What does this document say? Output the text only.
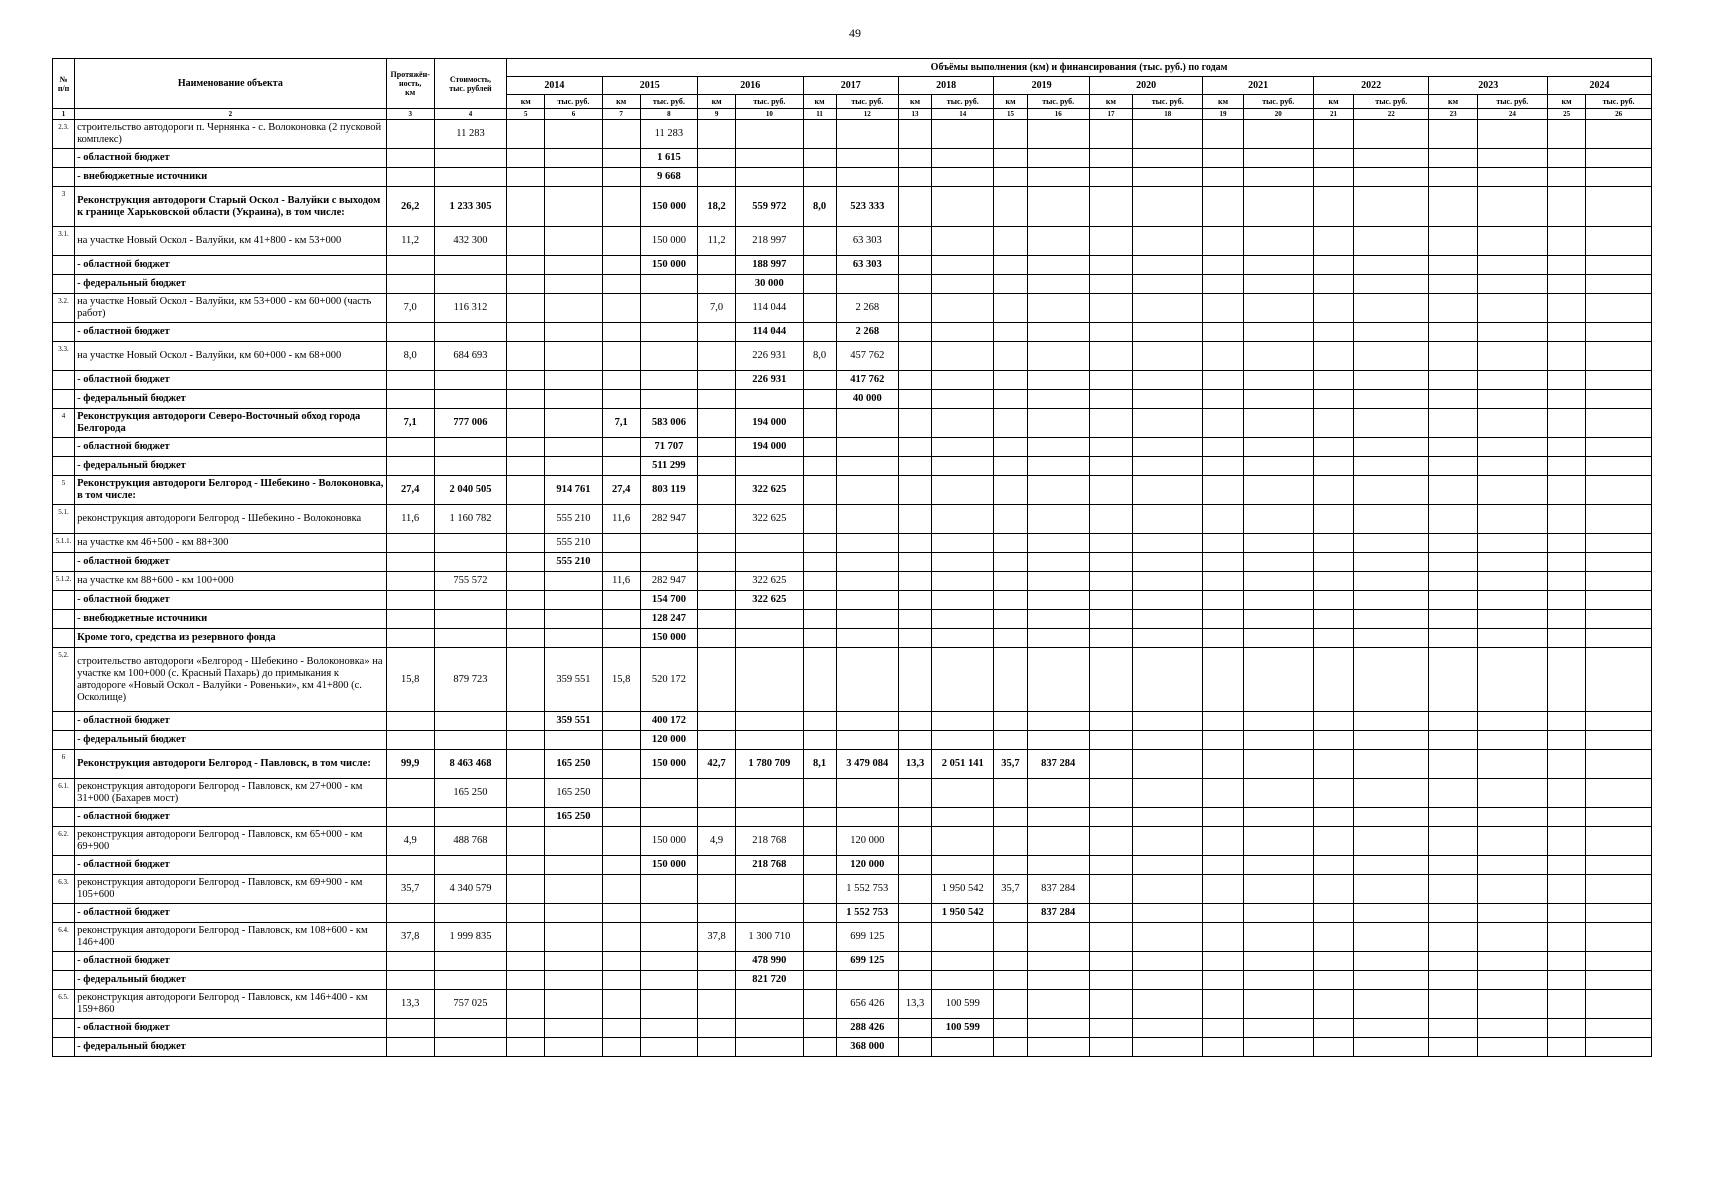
49
№
п/п	Наименование объекта	Протяжён-
ность,
км	Стоимость,
тыс. рублей	Объёмы выполнения (км) и финансирования (тыс. руб.) по годам																					
				2014		2015		2016		2017		2018		2019		2020		2021		2022		2023		2024	
				км	тыс. руб.	км	тыс. руб.	км	тыс. руб.	км	тыс. руб.	км	тыс. руб.	км	тыс. руб.	км	тыс. руб.	км	тыс. руб.	км	тыс. руб.	км	тыс. руб.	км	тыс. руб.
1	2	3	4	5	6	7	8	9	10	11	12	13	14	15	16	17	18	19	20	21	22	23	24	25	26
2.3.	строительство автодороги п. Чернянка - с. Волоконовка (2 пусковой комплекс)		11 283				11 283																		
	- областной бюджет						1 615																		
	- внебюджетные источники						9 668																		
3	Реконструкция автодороги Старый Оскол - Валуйки с выходом к границе Харьковской области (Украина), в том числе:	26,2	1 233 305				150 000	18,2	559 972	8,0	523 333														
3.1.	на участке Новый Оскол - Валуйки, км 41+800 - км 53+000	11,2	432 300				150 000	11,2	218 997		63 303														
	- областной бюджет						150 000		188 997		63 303														
	- федеральный бюджет								30 000																
3.2.	на участке Новый Оскол - Валуйки, км 53+000 - км 60+000 (часть работ)	7,0	116 312					7,0	114 044		2 268														
	- областной бюджет								114 044		2 268														
3.3.	на участке Новый Оскол - Валуйки, км 60+000 - км 68+000	8,0	684 693						226 931	8,0	457 762														
	- областной бюджет								226 931		417 762														
	- федеральный бюджет										40 000														
4	Реконструкция автодороги Северо-Восточный обход города Белгорода	7,1	777 006			7,1	583 006		194 000																
	- областной бюджет						71 707		194 000																
	- федеральный бюджет						511 299																		
5	Реконструкция автодороги Белгород - Шебекино - Волоконовка, в том числе:	27,4	2 040 505		914 761	27,4	803 119		322 625																
5.1.	реконструкция автодороги Белгород - Шебекино - Волоконовка	11,6	1 160 782		555 210	11,6	282 947		322 625																
5.1.1.	на участке км 46+500 - км 88+300				555 210																				
	- областной бюджет				555 210																				
5.1.2.	на участке км 88+600 - км 100+000		755 572			11,6	282 947		322 625																
	- областной бюджет						154 700		322 625																
	- внебюджетные источники						128 247																		
	Кроме того, средства из резервного фонда						150 000																		
5.2.	строительство автодороги «Белгород - Шебекино - Волоконовка» на участке км 100+000 (с. Красный Пахарь) до примыкания к автодороге «Новый Оскол - Валуйки - Ровеньки», км 41+800 (с. Осколище)	15,8	879 723		359 551	15,8	520 172																		
	- областной бюджет				359 551		400 172																		
	- федеральный бюджет						120 000																		
6	Реконструкция автодороги Белгород - Павловск, в том числе:	99,9	8 463 468		165 250		150 000	42,7	1 780 709	8,1	3 479 084	13,3	2 051 141	35,7	837 284										
6.1.	реконструкция автодороги Белгород - Павловск, км 27+000 - км 31+000 (Бахарев мост)		165 250		165 250																				
	- областной бюджет				165 250																				
6.2.	реконструкция автодороги Белгород - Павловск, км 65+000 - км 69+900	4,9	488 768				150 000	4,9	218 768		120 000														
	- областной бюджет						150 000		218 768		120 000														
6.3.	реконструкция автодороги Белгород - Павловск, км 69+900 - км 105+600	35,7	4 340 579								1 552 753		1 950 542	35,7	837 284										
	- областной бюджет										1 552 753		1 950 542		837 284										
6.4.	реконструкция автодороги Белгород - Павловск, км 108+600 - км 146+400	37,8	1 999 835					37,8	1 300 710		699 125														
	- областной бюджет								478 990		699 125														
	- федеральный бюджет								821 720																
6.5.	реконструкция автодороги Белгород - Павловск, км 146+400 - км 159+860	13,3	757 025								656 426	13,3	100 599												
	- областной бюджет										288 426		100 599												
	- федеральный бюджет										368 000														
